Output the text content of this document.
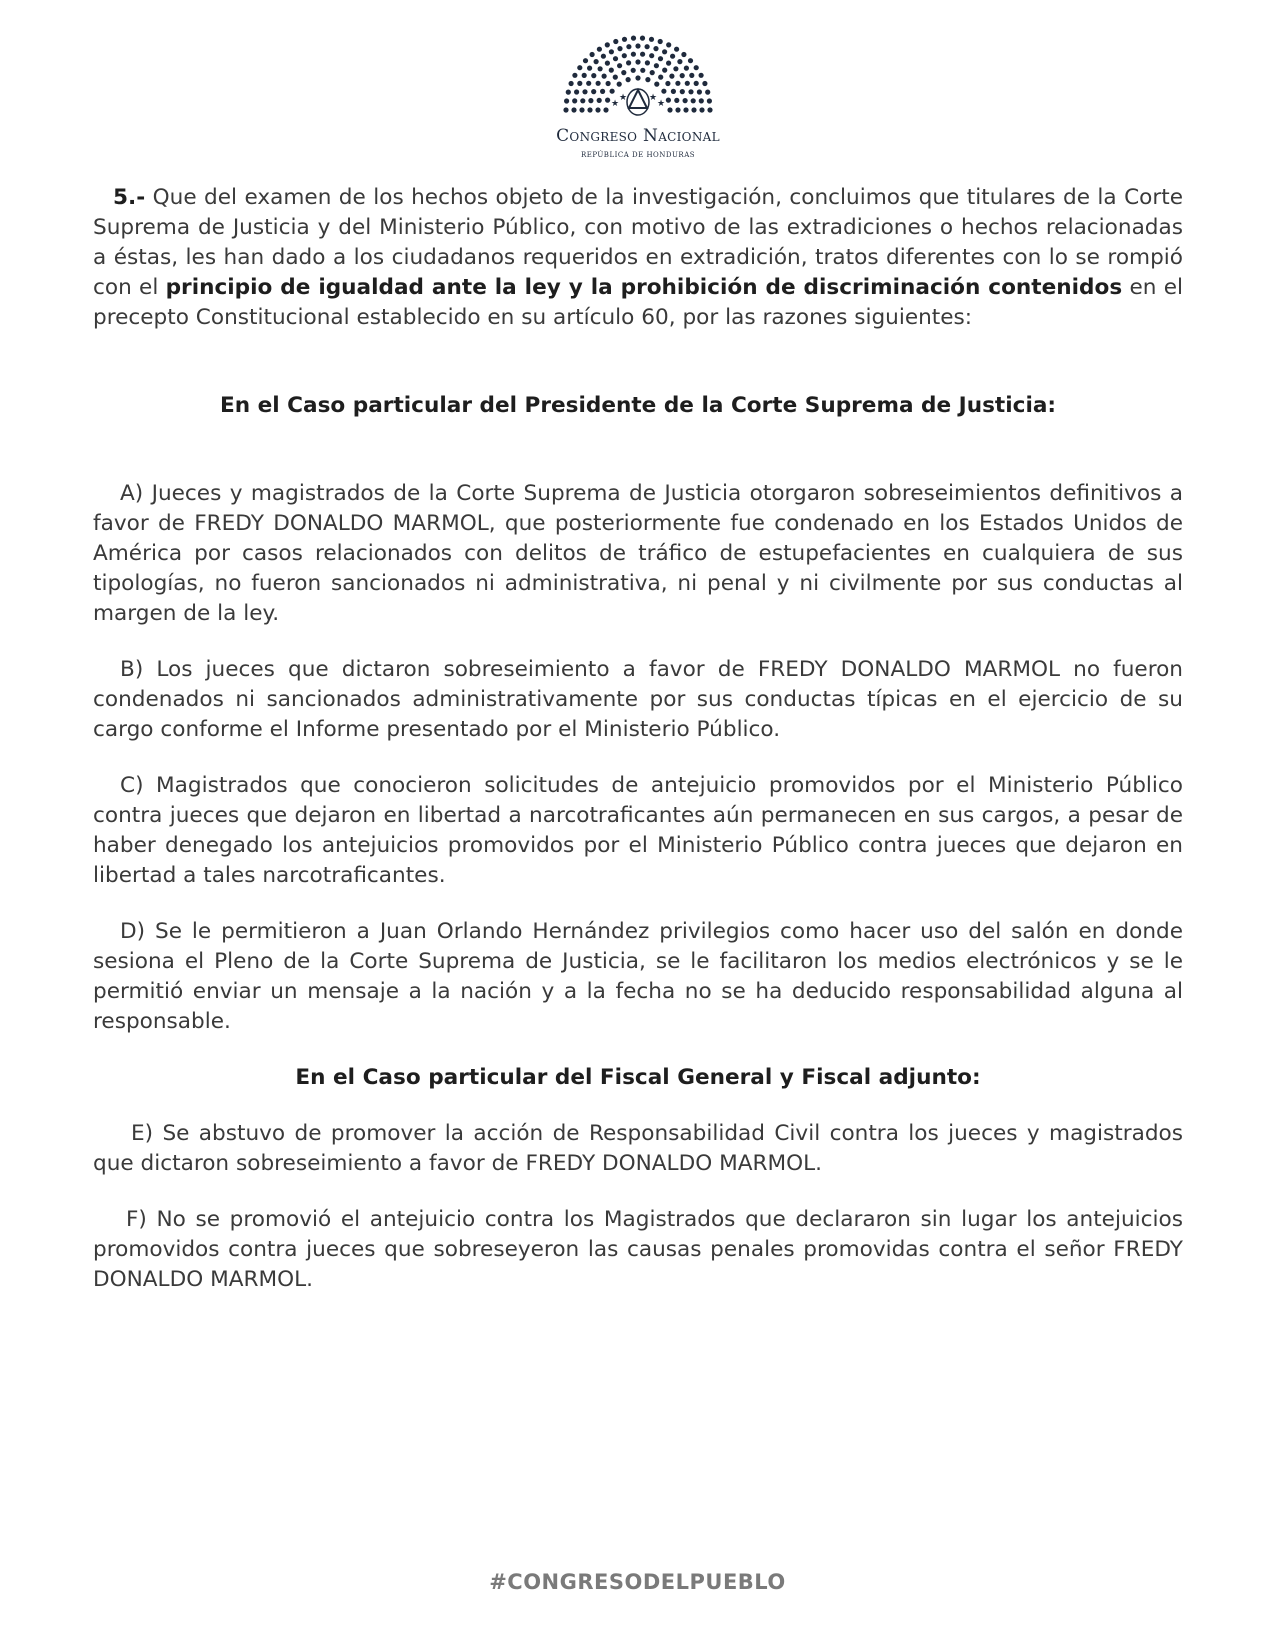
★
★ ★
★
Congreso Nacional
REPÚBLICA DE HONDURAS

5.- Que del examen de los hechos objeto de la investigación, concluimos que titulares de la Corte Suprema de Justicia y del Ministerio Público, con motivo de las extradiciones o hechos relacionadas a éstas, les han dado a los ciudadanos requeridos en extradición, tratos diferentes con lo se rompió con el principio de igualdad ante la ley y la prohibición de discriminación contenidos en el precepto Constitucional establecido en su artículo 60, por las razones siguientes:

En el Caso particular del Presidente de la Corte Suprema de Justicia:

A) Jueces y magistrados de la Corte Suprema de Justicia otorgaron sobreseimientos definitivos a favor de FREDY DONALDO MARMOL, que posteriormente fue condenado en los Estados Unidos de América por casos relacionados con delitos de tráfico de estupefacientes en cualquiera de sus tipologías, no fueron sancionados ni administrativa, ni penal y ni civilmente por sus conductas al margen de la ley.

B) Los jueces que dictaron sobreseimiento a favor de FREDY DONALDO MARMOL no fueron condenados ni sancionados administrativamente por sus conductas típicas en el ejercicio de su cargo conforme el Informe presentado por el Ministerio Público.

C) Magistrados que conocieron solicitudes de antejuicio promovidos por el Ministerio Público contra jueces que dejaron en libertad a narcotraficantes aún permanecen en sus cargos, a pesar de haber denegado los antejuicios promovidos por el Ministerio Público contra jueces que dejaron en libertad a tales narcotraficantes.

D) Se le permitieron a Juan Orlando Hernández privilegios como hacer uso del salón en donde sesiona el Pleno de la Corte Suprema de Justicia, se le facilitaron los medios electrónicos y se le permitió enviar un mensaje a la nación y a la fecha no se ha deducido responsabilidad alguna al responsable.

En el Caso particular del Fiscal General y Fiscal adjunto:

E) Se abstuvo de promover la acción de Responsabilidad Civil contra los jueces y magistrados que dictaron sobreseimiento a favor de FREDY DONALDO MARMOL.

F) No se promovió el antejuicio contra los Magistrados que declararon sin lugar los antejuicios promovidos contra jueces que sobreseyeron las causas penales promovidas contra el señor FREDY DONALDO MARMOL.

#CONGRESODELPUEBLO
